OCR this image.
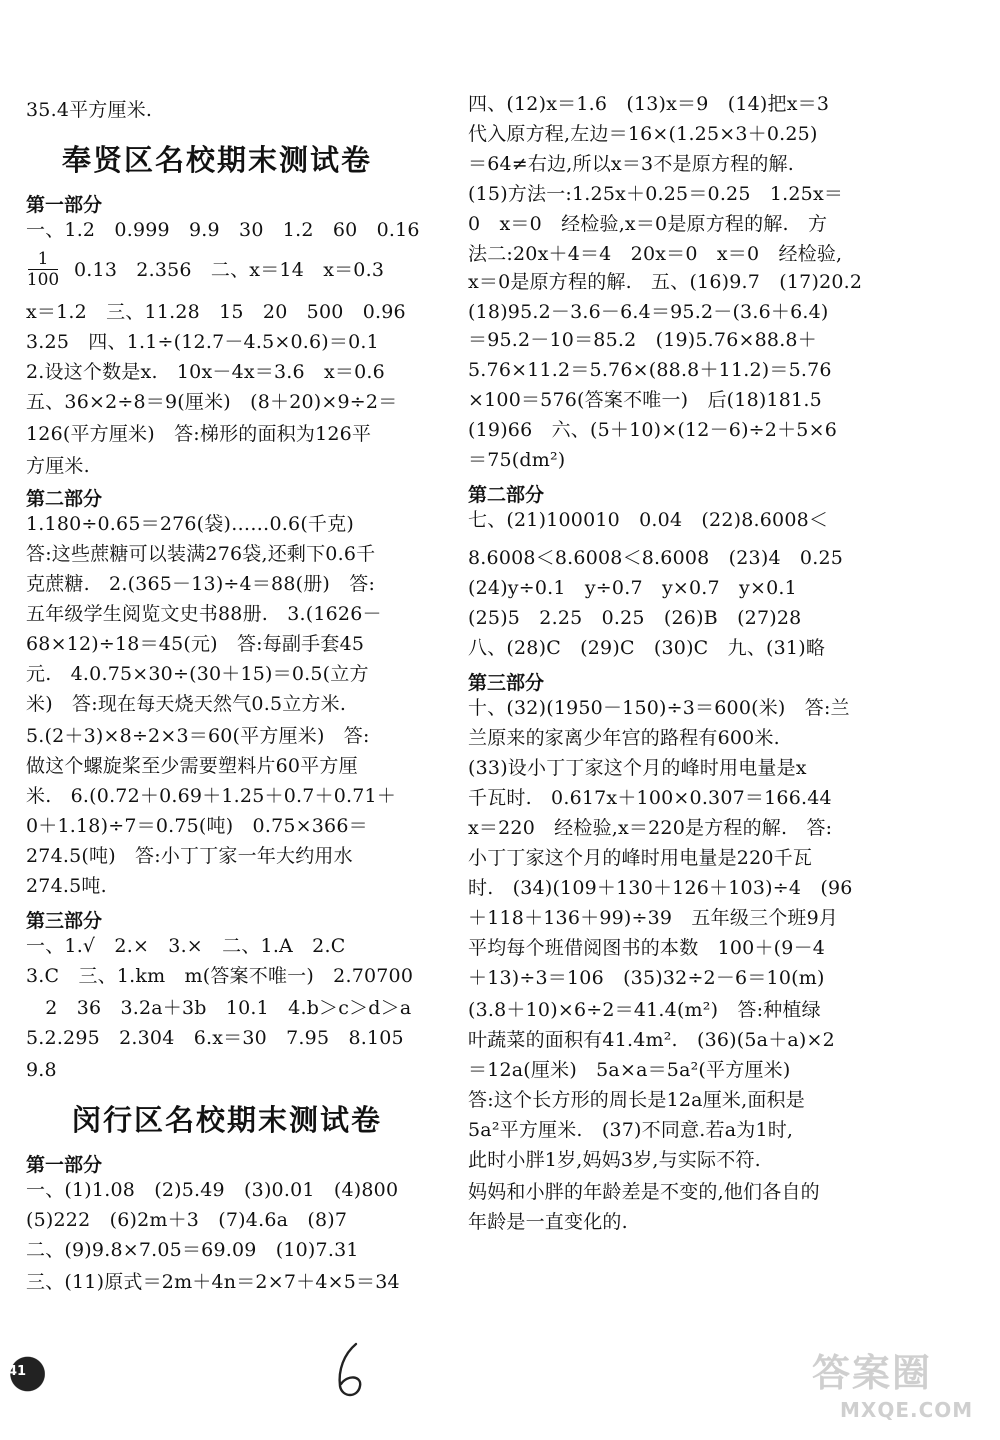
35.4平方厘米.
奉贤区名校期末测试卷
第一部分
一、1.2　0.999　9.9　30　1.2　60　0.16
1
100 0.13　2.356　二、x＝14　x＝0.3
x＝1.2　三、11.28　15　20　500　0.96
3.25　四、1.1÷(12.7－4.5×0.6)＝0.1
2.设这个数是x.　10x－4x＝3.6　x＝0.6
五、36×2÷8＝9(厘米)　(8＋20)×9÷2＝
126(平方厘米)　答:梯形的面积为126平
方厘米.
第二部分
1.180÷0.65＝276(袋)……0.6(千克)
答:这些蔗糖可以装满276袋,还剩下0.6千
克蔗糖.　2.(365－13)÷4＝88(册)　答:
五年级学生阅览文史书88册.　3.(1626－
68×12)÷18＝45(元)　答:每副手套45
元.　4.0.75×30÷(30＋15)＝0.5(立方
米)　答:现在每天烧天然气0.5立方米.
5.(2＋3)×8÷2×3＝60(平方厘米)　答:
做这个螺旋桨至少需要塑料片60平方厘
米.　6.(0.72＋0.69＋1.25＋0.7＋0.71＋
0＋1.18)÷7＝0.75(吨)　0.75×366＝
274.5(吨)　答:小丁丁家一年大约用水
274.5吨.
第三部分
一、1.√　2.×　3.×　二、1.A　2.C
3.C　三、1.km　m(答案不唯一)　2.70700
　2　36　3.2a＋3b　10.1　4.b＞c＞d＞a
5.2.295　2.304　6.x＝30　7.95　8.105
9.8
闵行区名校期末测试卷
第一部分
一、(1)1.08　(2)5.49　(3)0.01　(4)800
(5)222　(6)2m＋3　(7)4.6a　(8)7
二、(9)9.8×7.05＝69.09　(10)7.31
三、(11)原式＝2m＋4n＝2×7＋4×5＝34
四、(12)x＝1.6　(13)x＝9　(14)把x＝3
代入原方程,左边＝16×(1.25×3＋0.25)
＝64≠右边,所以x＝3不是原方程的解.
(15)方法一:1.25x＋0.25＝0.25　1.25x＝
0　x＝0　经检验,x＝0是原方程的解.　方
法二:20x＋4＝4　20x＝0　x＝0　经检验,
x＝0是原方程的解.　五、(16)9.7　(17)20.2
(18)95.2－3.6－6.4＝95.2－(3.6＋6.4)
＝95.2－10＝85.2　(19)5.76×88.8＋
5.76×11.2＝5.76×(88.8＋11.2)＝5.76
×100＝576(答案不唯一)　后(18)181.5
(19)66　六、(5＋10)×(12－6)÷2＋5×6
＝75(dm²)
第二部分
七、(21)100010　0.04　(22)8.6008＜
8.6008＜8.6008＜8.6008　(23)4　0.25
(24)y÷0.1　y÷0.7　y×0.7　y×0.1
(25)5　2.25　0.25　(26)B　(27)28
八、(28)C　(29)C　(30)C　九、(31)略
第三部分
十、(32)(1950－150)÷3＝600(米)　答:兰
兰原来的家离少年宫的路程有600米.
(33)设小丁丁家这个月的峰时用电量是x
千瓦时.　0.617x＋100×0.307＝166.44
x＝220　经检验,x＝220是方程的解.　答:
小丁丁家这个月的峰时用电量是220千瓦
时.　(34)(109＋130＋126＋103)÷4　(96
＋118＋136＋99)÷39　五年级三个班9月
平均每个班借阅图书的本数　100＋(9－4
＋13)÷3＝106　(35)32÷2－6＝10(m)
(3.8＋10)×6÷2＝41.4(m²)　答:种植绿
叶蔬菜的面积有41.4m².　(36)(5a＋a)×2
＝12a(厘米)　5a×a＝5a²(平方厘米)
答:这个长方形的周长是12a厘米,面积是
5a²平方厘米.　(37)不同意.若a为1时,
此时小胖1岁,妈妈3岁,与实际不符.
妈妈和小胖的年龄差是不变的,他们各自的
年龄是一直变化的.
41
6
答案圈
MXQE.COM
